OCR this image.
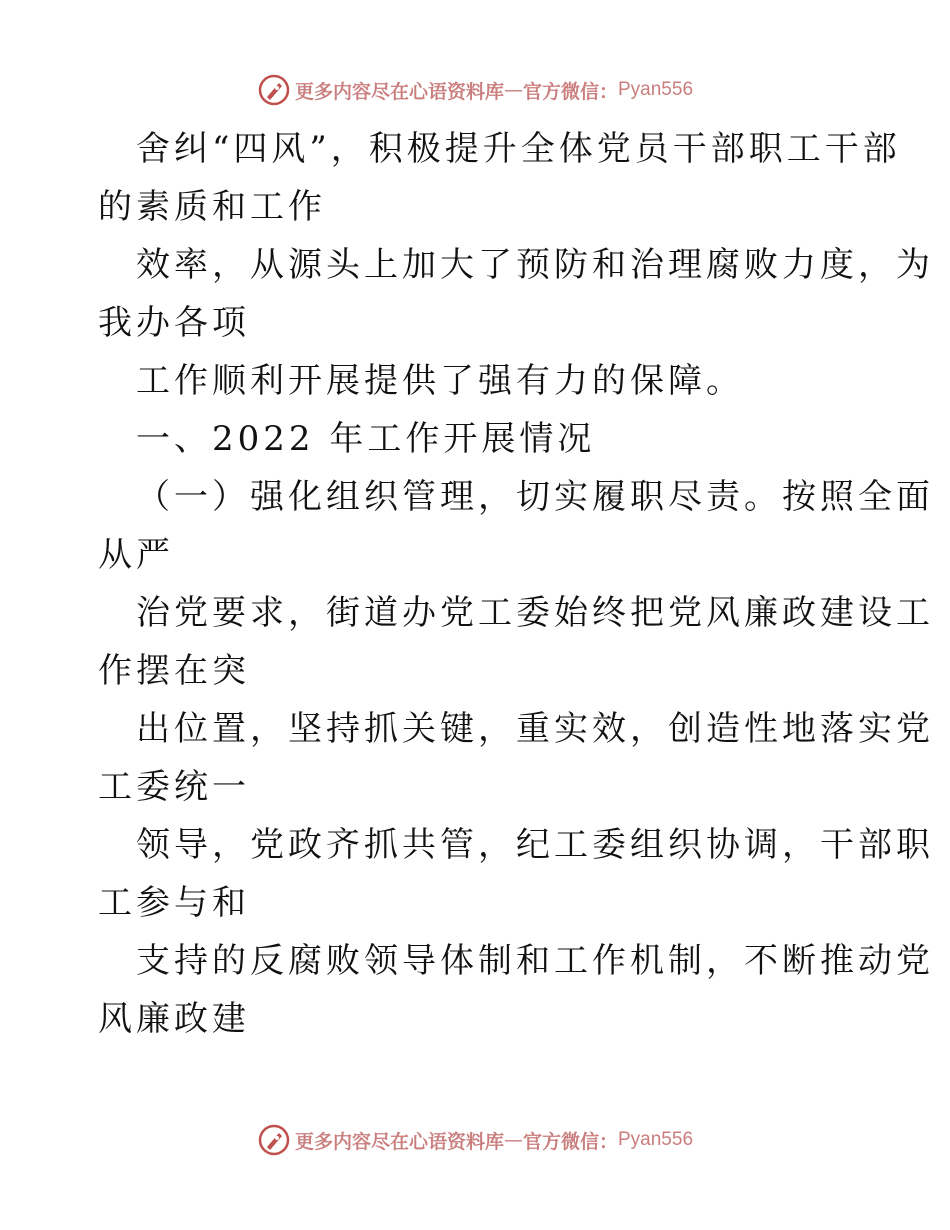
更多内容尽在心语资料库 — 官方微信： Pyan556
舍纠“四风”，积极提升全体党员干部职工干部
的素质和工作
效率，从源头上加大了预防和治理腐败力度，为
我办各项
工作顺利开展提供了强有力的保障。
一、2022 年工作开展情况
（一）强化组织管理，切实履职尽责。按照全面
从严
治党要求，街道办党工委始终把党风廉政建设工
作摆在突
出位置，坚持抓关键，重实效，创造性地落实党
工委统一
领导，党政齐抓共管，纪工委组织协调，干部职
工参与和
支持的反腐败领导体制和工作机制，不断推动党
风廉政建
更多内容尽在心语资料库 — 官方微信： Pyan556
